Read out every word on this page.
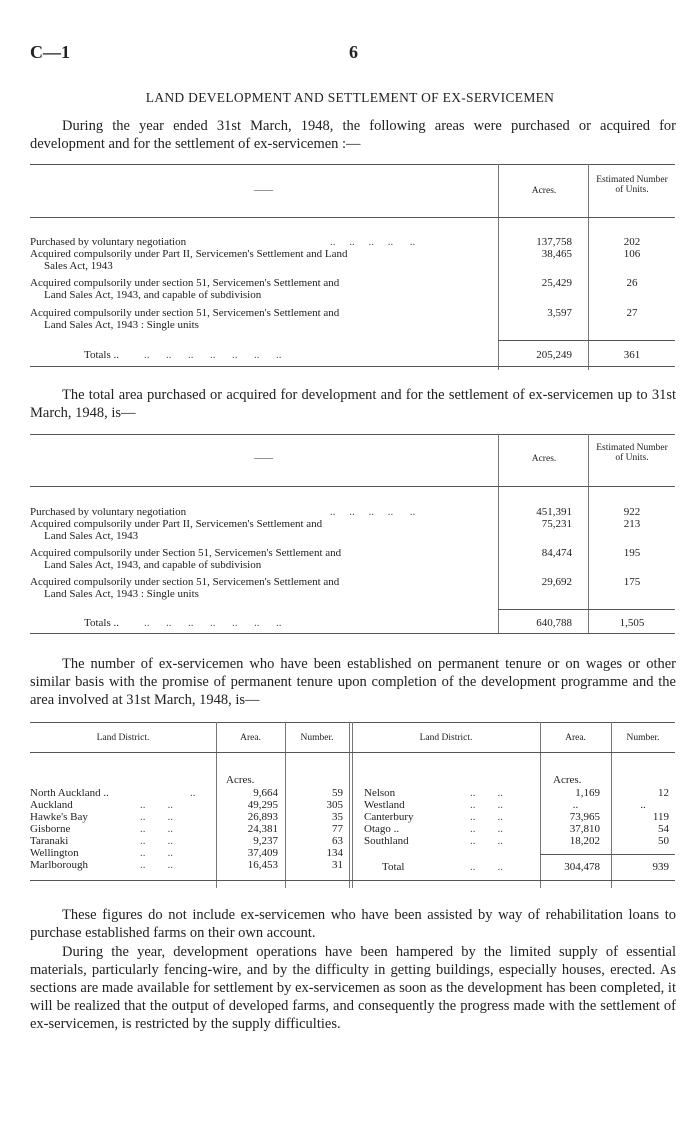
C—1	6
LAND DEVELOPMENT AND SETTLEMENT OF EX-SERVICEMEN
During the year ended 31st March, 1948, the following areas were purchased or acquired for development and for the settlement of ex-servicemen :—
——	Acres.
Estimated Number of Units.
Purchased by voluntary negotiation	..     ..     ..     ..      ..	137,758	202
Acquired compulsorily under Part II, Servicemen's Settlement and Land
Sales Act, 1943
38,465	106
Acquired compulsorily under section 51, Servicemen's Settlement and
Land Sales Act, 1943, and capable of subdivision
25,429	26
Acquired compulsorily under section 51, Servicemen's Settlement and
Land Sales Act, 1943 : Single units
3,597	27
Totals .. ..      ..      ..      ..      ..      ..      ..	205,249	361
The total area purchased or acquired for development and for the settlement of ex-servicemen up to 31st March, 1948, is—
——	Acres.
Estimated Number of Units.
Purchased by voluntary negotiation	..     ..     ..     ..      ..	451,391	922
Acquired compulsorily under Part II, Servicemen's Settlement and
Land Sales Act, 1943
75,231	213
Acquired compulsorily under Section 51, Servicemen's Settlement and
Land Sales Act, 1943, and capable of subdivision
84,474	195
Acquired compulsorily under section 51, Servicemen's Settlement and
Land Sales Act, 1943 : Single units
29,692	175
Totals .. ..      ..      ..      ..      ..      ..      ..	640,788	1,505
The number of ex-servicemen who have been established on permanent tenure or on wages or other similar basis with the promise of permanent tenure upon completion of the development programme and the area involved at 31st March, 1948, is—
Land District.	Area.	Number.	Land District.	Area.	Number.
Acres.	Acres.
North Auckland ..	..	9,664	59
Auckland	..        ..	49,295	305
Hawke's Bay	..        ..	26,893	35
Gisborne	..        ..	24,381	77
Taranaki	..        ..	9,237	63
Wellington	..        ..	37,409	134
Marlborough	..        ..	16,453	31
Nelson	..        ..	1,169	12
Westland	..        ..	..	..
Canterbury	..        ..	73,965	119
Otago ..	..        ..	37,810	54
Southland	..        ..	18,202	50
Total	..        ..	304,478	939
These figures do not include ex-servicemen who have been assisted by way of rehabilitation loans to purchase established farms on their own account.
During the year, development operations have been hampered by the limited supply of essential materials, particularly fencing-wire, and by the difficulty in getting buildings, especially houses, erected. As sections are made available for settlement by ex-servicemen as soon as the development has been completed, it will be realized that the output of developed farms, and consequently the progress made with the settlement of ex-servicemen, is restricted by the supply difficulties.
